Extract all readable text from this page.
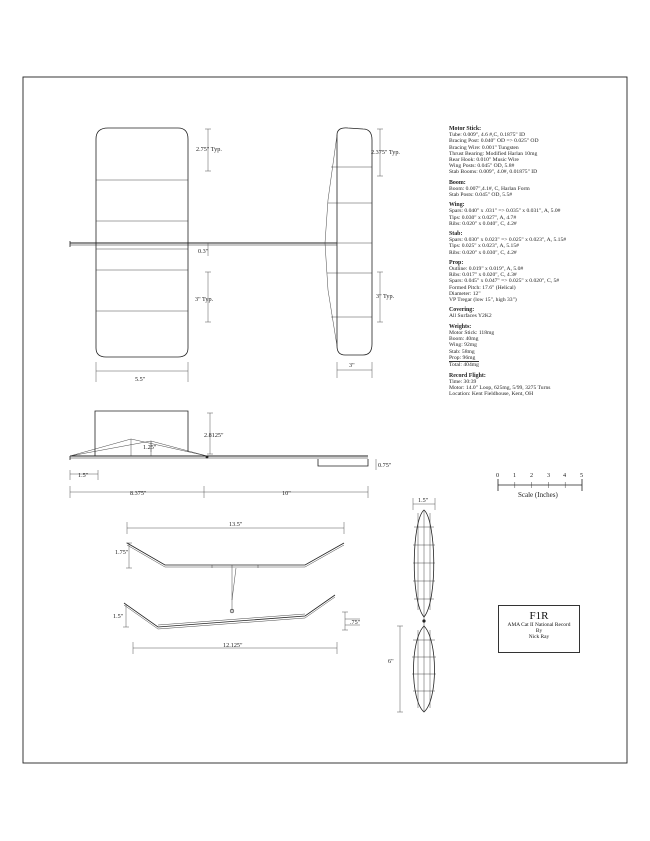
2.75" Typ.
0.3"
3" Typ.
5.5"
2.375" Typ.
3" Typ.
3"
2.8125"
1.25"
0.75"
1.5"
8.375"	10"
13.5"
1.75"
1.5"
.75"
12.125"
1.5"
6"
0 1 2 3 4 5
Scale (Inches)
Motor Stick:
Tube: 0.009", 4.6 #,C, 0.1875" ID
Bracing Post: 0.040" OD => 0.025" OD
Bracing Wire: 0.001" Tungsten
Thrust Bearing: Modified Harlan 10mg
Rear Hook: 0.010" Music Wire
Wing Posts: 0.045" OD, 5.8#
Stab Booms: 0.009", 4.0#, 0.01875" ID
Boom:
Boom: 0.007",4.1#, C, Harlan Form
Stab Posts: 0.045" OD, 5.5#
Wing:
Spars: 0.040" x .031" => 0.035" x 0.031", A, 5.0#
Tips: 0.030" x 0.027", A, 4.7#
Ribs: 0.020" x 0.040", C, 4.2#
Stab:
Spars: 0.030" x 0.023" => 0.025" x 0.023", A, 5.15#
Tips: 0.025" x 0.023", A, 5.15#
Ribs: 0.020" x 0.030", C, 4.2#
Prop:
Outline: 0.019" x 0.019", A, 5.0#
Ribs: 0.017" x 0.020", C, 4.3#
Spars: 0.045" x 0.047" => 0.025" x 0.020", C, 5#
Formed Pitch: 17.6" (Helical)
Diameter: 12"
VP Tregar (low 15", high 33")
Covering:
All Surfaces Y2K2
Weights:
Motor Stick: 118mg
Boom: 40mg
Wing: 92mg
Stab: 58mg
Prop: 96mg
Total: 404mg
Record Flight:
Time: 30:39
Motor: 14.0" Loop, 625mg, 5/99, 3275 Turns
Location: Kent Fieldhouse, Kent, OH
F1R
AMA Cat II National Record
By
Nick Ray
